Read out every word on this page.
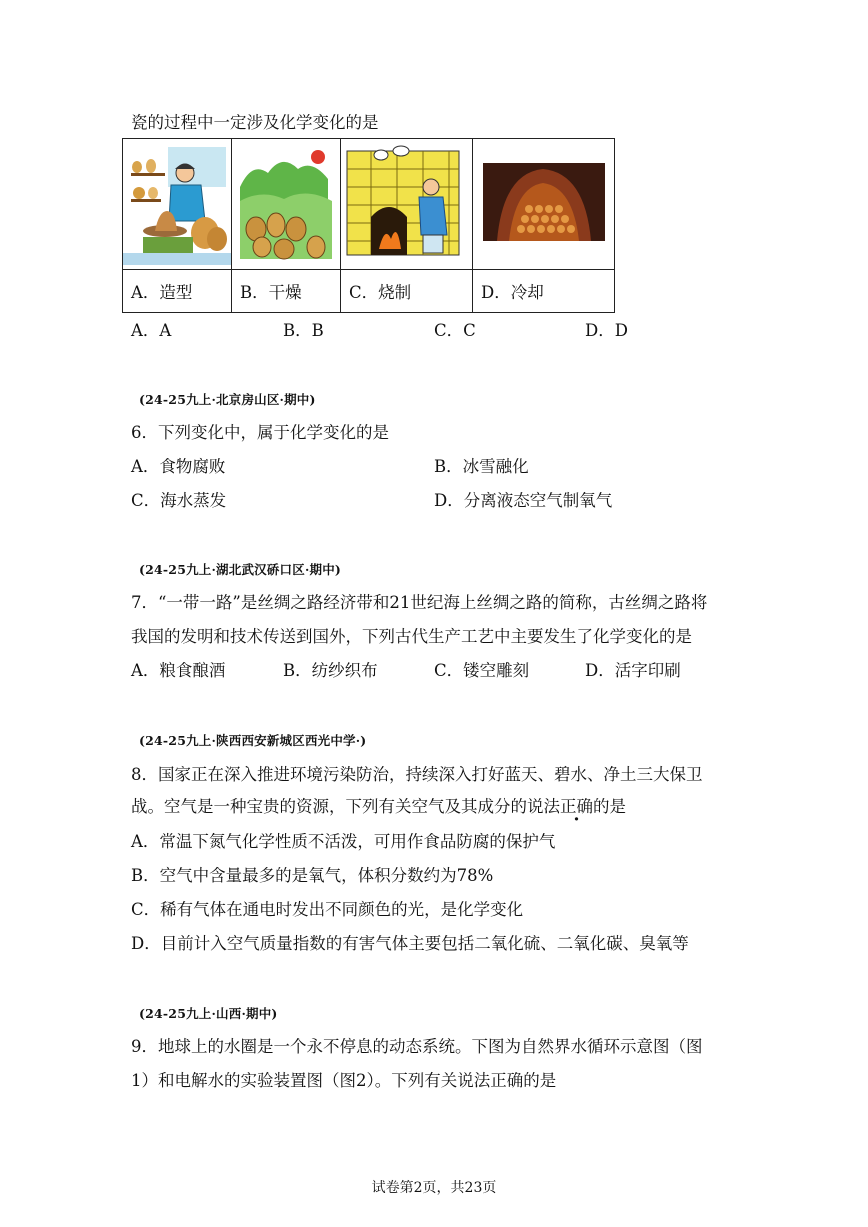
瓷的过程中一定涉及化学变化的是

A．造型	B．干燥	C．烧制	D．冷却
A．A	B．B	C．C	D．D
(24-25九上·北京房山区·期中)
6．下列变化中，属于化学变化的是
A．食物腐败	B．冰雪融化
C．海水蒸发	D．分离液态空气制氧气
(24-25九上·湖北武汉硚口区·期中)
7．“一带一路”是丝绸之路经济带和21世纪海上丝绸之路的简称，古丝绸之路将
我国的发明和技术传送到国外，下列古代生产工艺中主要发生了化学变化的是
A．粮食酿酒	B．纺纱织布	C．镂空雕刻	D．活字印刷
(24-25九上·陕西西安新城区西光中学·)
8．国家正在深入推进环境污染防治，持续深入打好蓝天、碧水、净土三大保卫
战。空气是一种宝贵的资源，下列有关空气及其成分的说法正确的是
A．常温下氮气化学性质不活泼，可用作食品防腐的保护气
B．空气中含量最多的是氧气，体积分数约为78%
C．稀有气体在通电时发出不同颜色的光，是化学变化
D．目前计入空气质量指数的有害气体主要包括二氧化硫、二氧化碳、臭氧等
(24-25九上·山西·期中)
9．地球上的水圈是一个永不停息的动态系统。下图为自然界水循环示意图（图
1）和电解水的实验装置图（图2）。下列有关说法正确的是
试卷第2页，共23页
